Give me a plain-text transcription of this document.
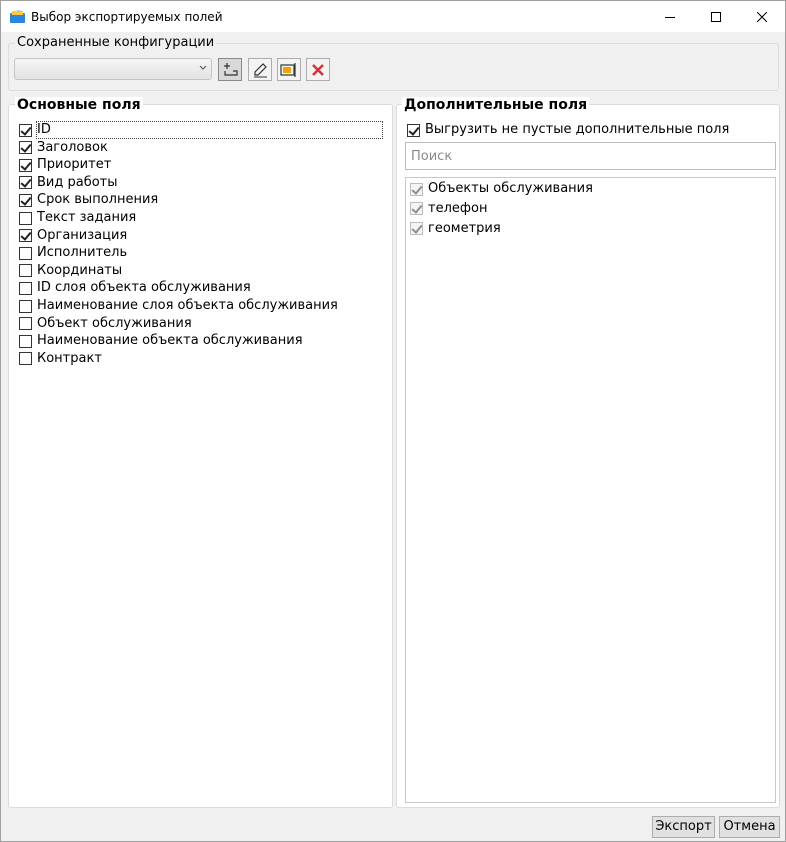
Выбор экспортируемых полей
Сохраненные конфигурации
Основные поля
ID
Заголовок
Приоритет
Вид работы
Срок выполнения
Текст задания
Организация
Исполнитель
Координаты
ID слоя объекта обслуживания
Наименование слоя объекта обслуживания
Объект обслуживания
Наименование объекта обслуживания
Контракт
Дополнительные поля
Выгрузить не пустые дополнительные поля
Поиск
Объекты обслуживания
телефон
геометрия
Экспорт Отмена
